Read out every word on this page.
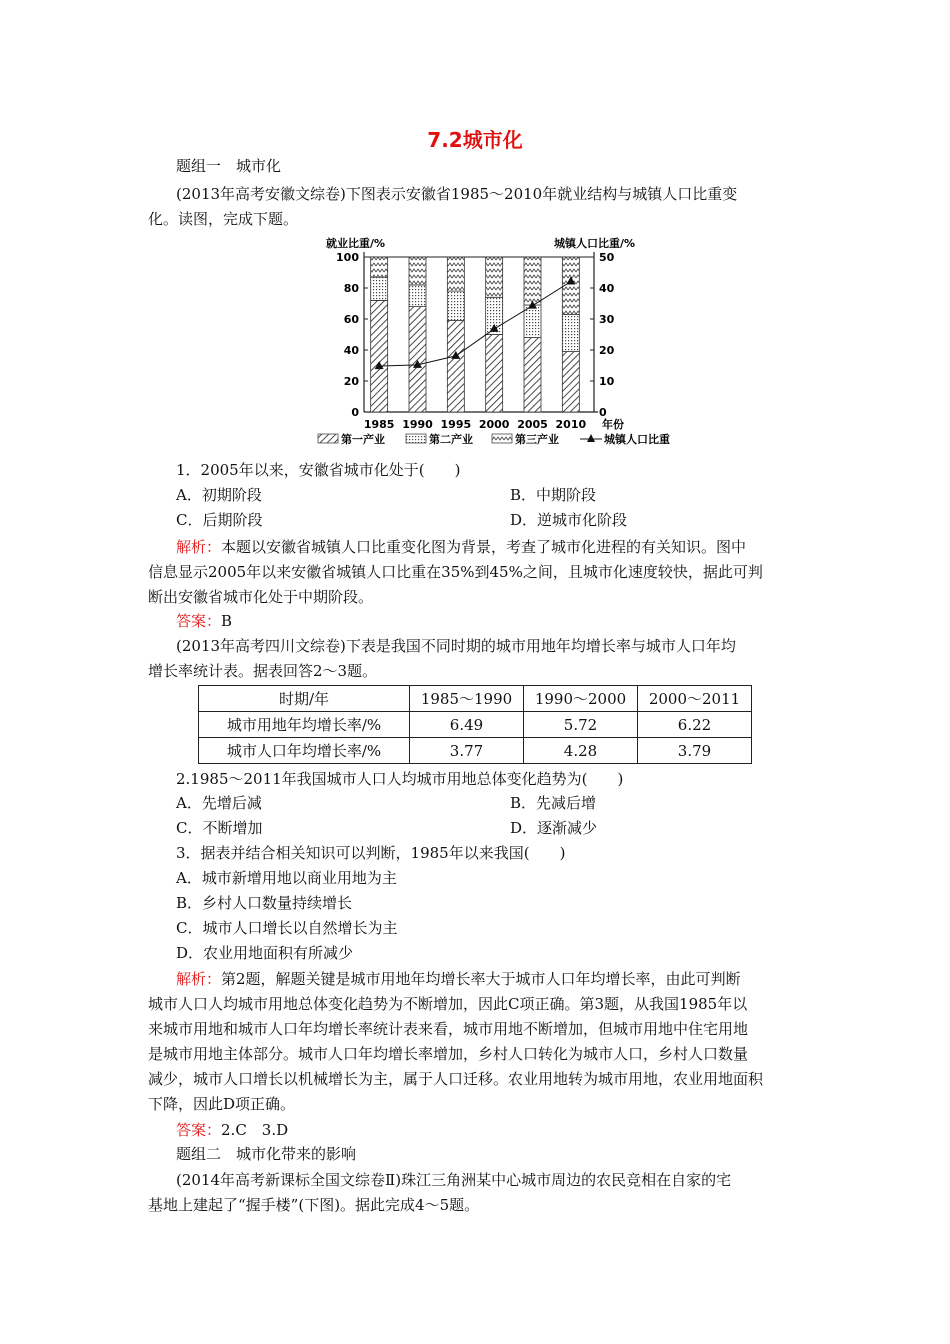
7.2城市化
题组一　城市化
(2013年高考安徽文综卷)下图表示安徽省1985～2010年就业结构与城镇人口比重变
化。读图，完成下题。
0
20
40
60
80
100
0
10
20
30
40
50
就业比重/%	城镇人口比重/%
1985 1990 1995 2000 2005 2010 年份
第一产业	第二产业	第三产业	城镇人口比重
1．2005年以来，安徽省城市化处于(　　)
A．初期阶段	B．中期阶段
C．后期阶段	D．逆城市化阶段
解析：本题以安徽省城镇人口比重变化图为背景，考查了城市化进程的有关知识。图中
信息显示2005年以来安徽省城镇人口比重在35%到45%之间，且城市化速度较快，据此可判
断出安徽省城市化处于中期阶段。
答案：B
(2013年高考四川文综卷)下表是我国不同时期的城市用地年均增长率与城市人口年均
增长率统计表。据表回答2～3题。
时期/年	1985～1990	1990～2000	2000～2011
城市用地年均增长率/%	6.49	5.72	6.22
城市人口年均增长率/%	3.77	4.28	3.79
2.1985～2011年我国城市人口人均城市用地总体变化趋势为(　　)
A．先增后减	B．先减后增
C．不断增加	D．逐渐减少
3．据表并结合相关知识可以判断，1985年以来我国(　　)
A．城市新增用地以商业用地为主
B．乡村人口数量持续增长
C．城市人口增长以自然增长为主
D．农业用地面积有所减少
解析：第2题，解题关键是城市用地年均增长率大于城市人口年均增长率，由此可判断
城市人口人均城市用地总体变化趋势为不断增加，因此C项正确。第3题，从我国1985年以
来城市用地和城市人口年均增长率统计表来看，城市用地不断增加，但城市用地中住宅用地
是城市用地主体部分。城市人口年均增长率增加，乡村人口转化为城市人口，乡村人口数量
减少，城市人口增长以机械增长为主，属于人口迁移。农业用地转为城市用地，农业用地面积
下降，因此D项正确。
答案：2.C　3.D
题组二　城市化带来的影响
(2014年高考新课标全国文综卷Ⅱ)珠江三角洲某中心城市周边的农民竞相在自家的宅
基地上建起了“握手楼”(下图)。据此完成4～5题。
